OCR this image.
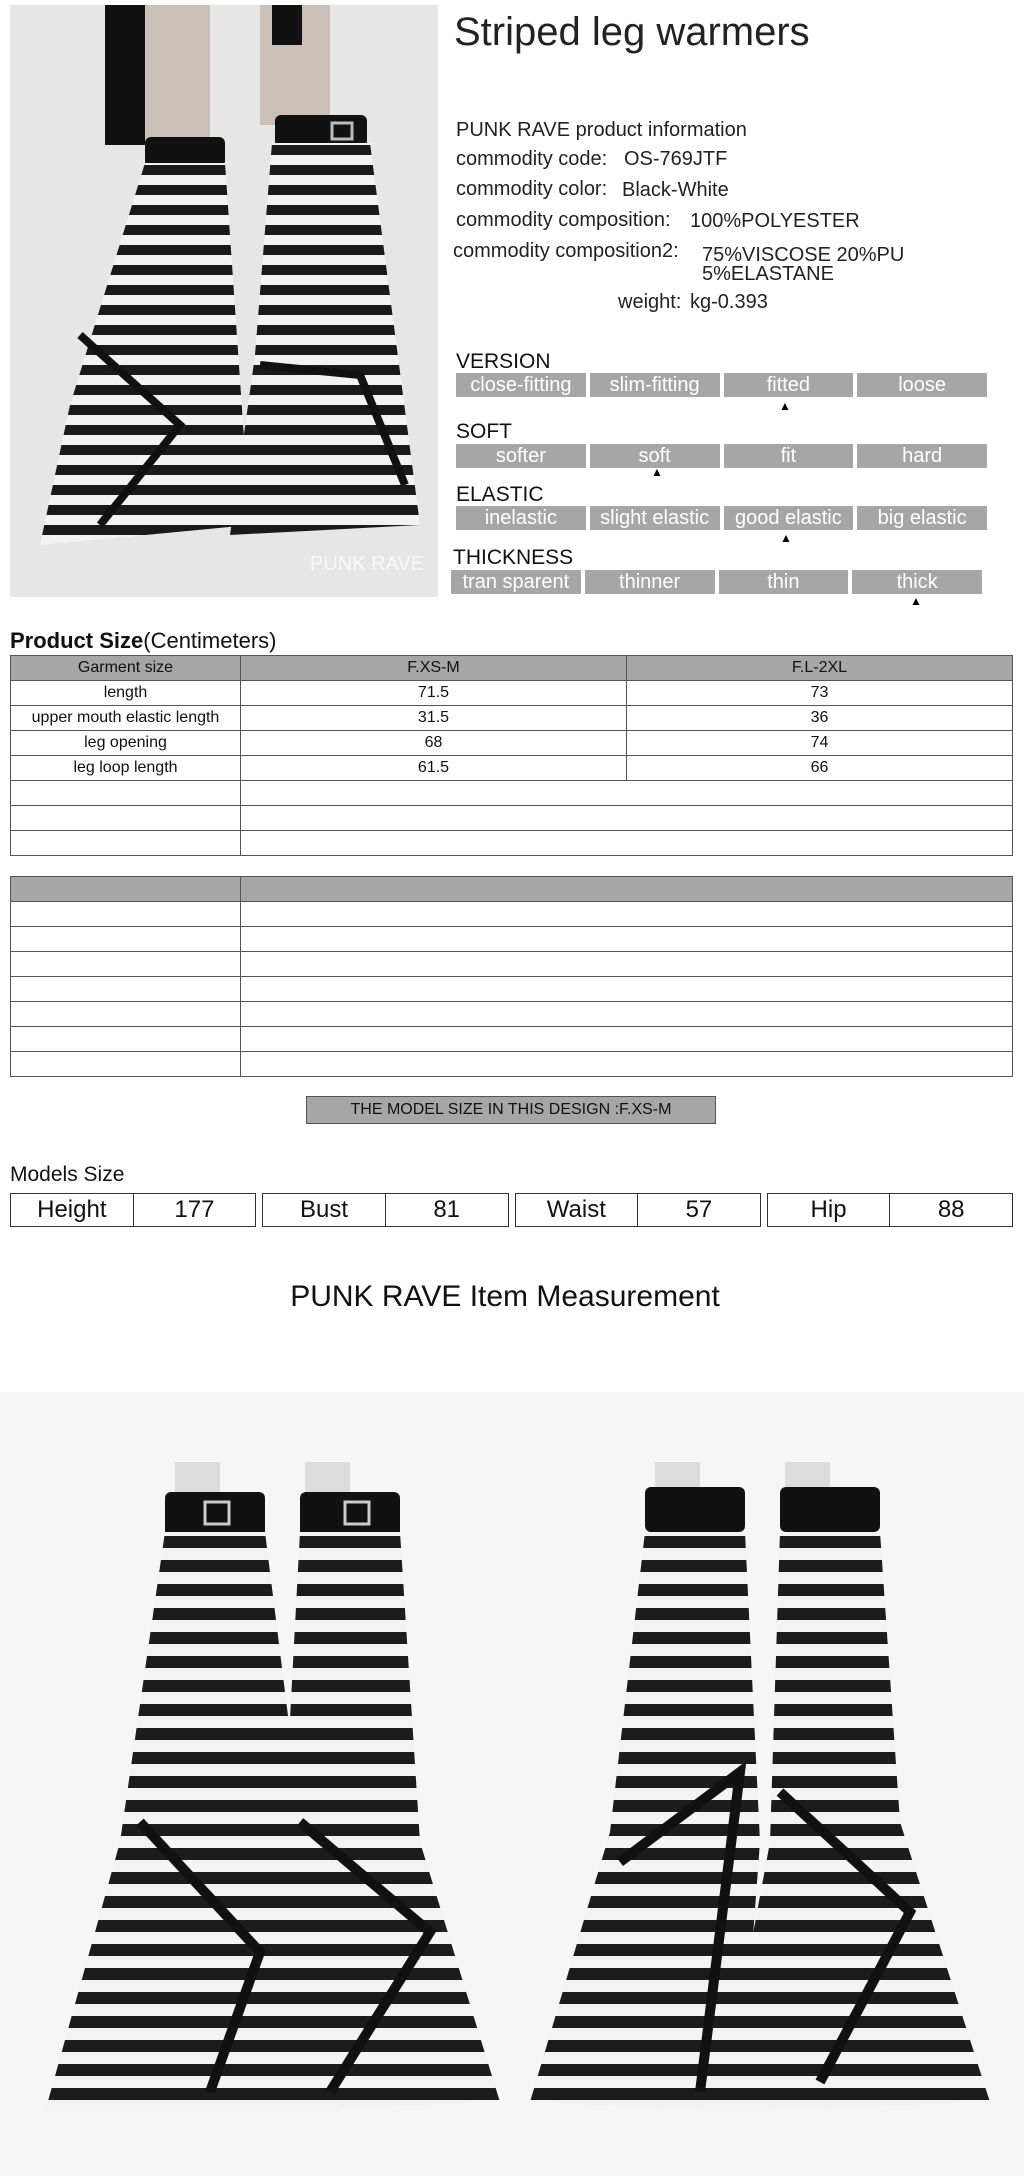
PUNK RAVE
Striped leg warmers
PUNK RAVE product information
commodity code: OS-769JTF
commodity color: Black-White
commodity composition: 100%POLYESTER
commodity composition2: 75%VISCOSE 20%PU
5%ELASTANE
weight: kg-0.393
VERSION
close-fitting	slim-fitting	fitted	loose
▲
SOFT
softer	soft	fit	hard
▲
ELASTIC
inelastic	slight elastic	good elastic	big elastic
▲
THICKNESS
tran sparent	thinner	thin	thick
▲
Product Size(Centimeters)
Garment size	F.XS-M	F.L-2XL
length	71.5	73
upper mouth elastic length	31.5	36
leg opening	68	74
leg loop length	61.5	66

THE MODEL SIZE IN THIS DESIGN :F.XS-M
Models Size
Height	177	Bust	81	Waist	57	Hip	88
PUNK RAVE Item Measurement
